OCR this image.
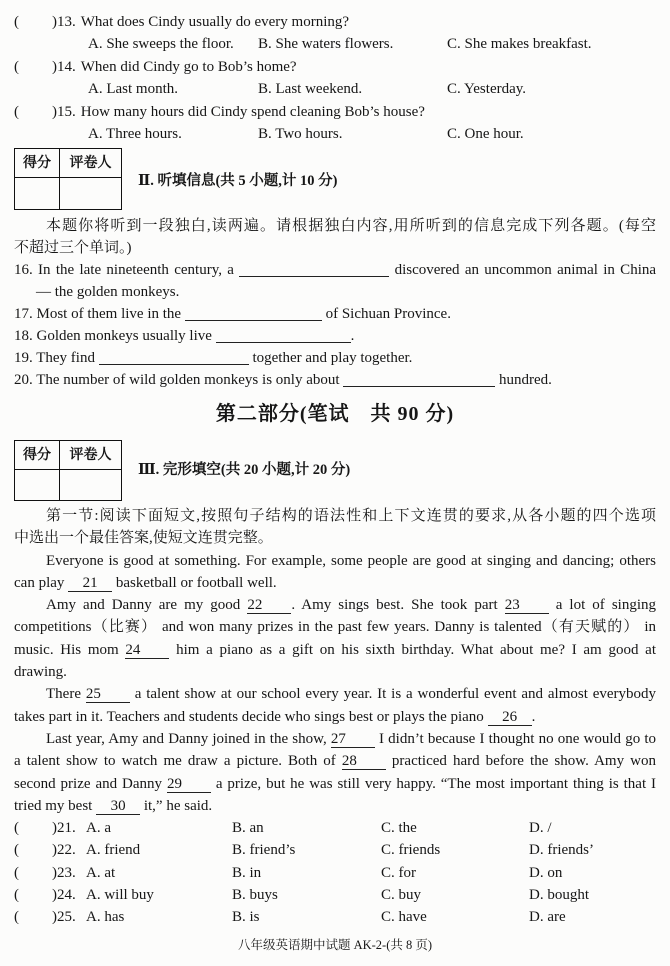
( )13. What does Cindy usually do every morning?
A. She sweeps the floor. B. She waters flowers.	C. She makes breakfast.
( )14. When did Cindy go to Bob’s home?
A. Last month.	B. Last weekend.	C. Yesterday.
( )15. How many hours did Cindy spend cleaning Bob’s house?
A. Three hours.	B. Two hours.	C. One hour.
得分	评卷人
Ⅱ. 听填信息(共 5 小题,计 10 分)
本题你将听到一段独白,读两遍。请根据独白内容,用所听到的信息完成下列各题。(每空
不超过三个单词。)
16. In the late nineteenth century, a	discovered an uncommon animal in China
— the golden monkeys.
17. Most of them live in the	of Sichuan Province.
18. Golden monkeys usually live	.
19. They find	together and play together.
20. The number of wild golden monkeys is only about	hundred.
第二部分(笔试　共 90 分)
得分	评卷人
Ⅲ. 完形填空(共 20 小题,计 20 分)
第一节:阅读下面短文,按照句子结构的语法性和上下文连贯的要求,从各小题的四个选项
中选出一个最佳答案,使短文连贯完整。
Everyone is good at something. For example, some people are good at singing and dancing; others
can play 21 basketball or football well.
Amy and Danny are my good 22 . Amy sings best. She took part 23 a lot of singing
competitions（比赛） and won many prizes in the past few years. Danny is talented（有天赋的） in
music. His mom 24 him a piano as a gift on his sixth birthday. What about me? I am good at
drawing.
There 25 a talent show at our school every year. It is a wonderful event and almost everybody
takes part in it. Teachers and students decide who sings best or plays the piano 26 .
Last year, Amy and Danny joined in the show, 27 I didn’t because I thought no one would go to
a talent show to watch me draw a picture. Both of 28 practiced hard before the show. Amy won
second prize and Danny 29 a prize, but he was still very happy. “The most important thing is that I
tried my best 30 it,” he said.
( )21. A. a	B. an	C. the	D. /
( )22. A. friend	B. friend’s	C. friends	D. friends’
( )23. A. at	B. in	C. for	D. on
( )24. A. will buy	B. buys	C. buy	D. bought
( )25. A. has	B. is	C. have	D. are
八年级英语期中试题 AK-2-(共 8 页)
